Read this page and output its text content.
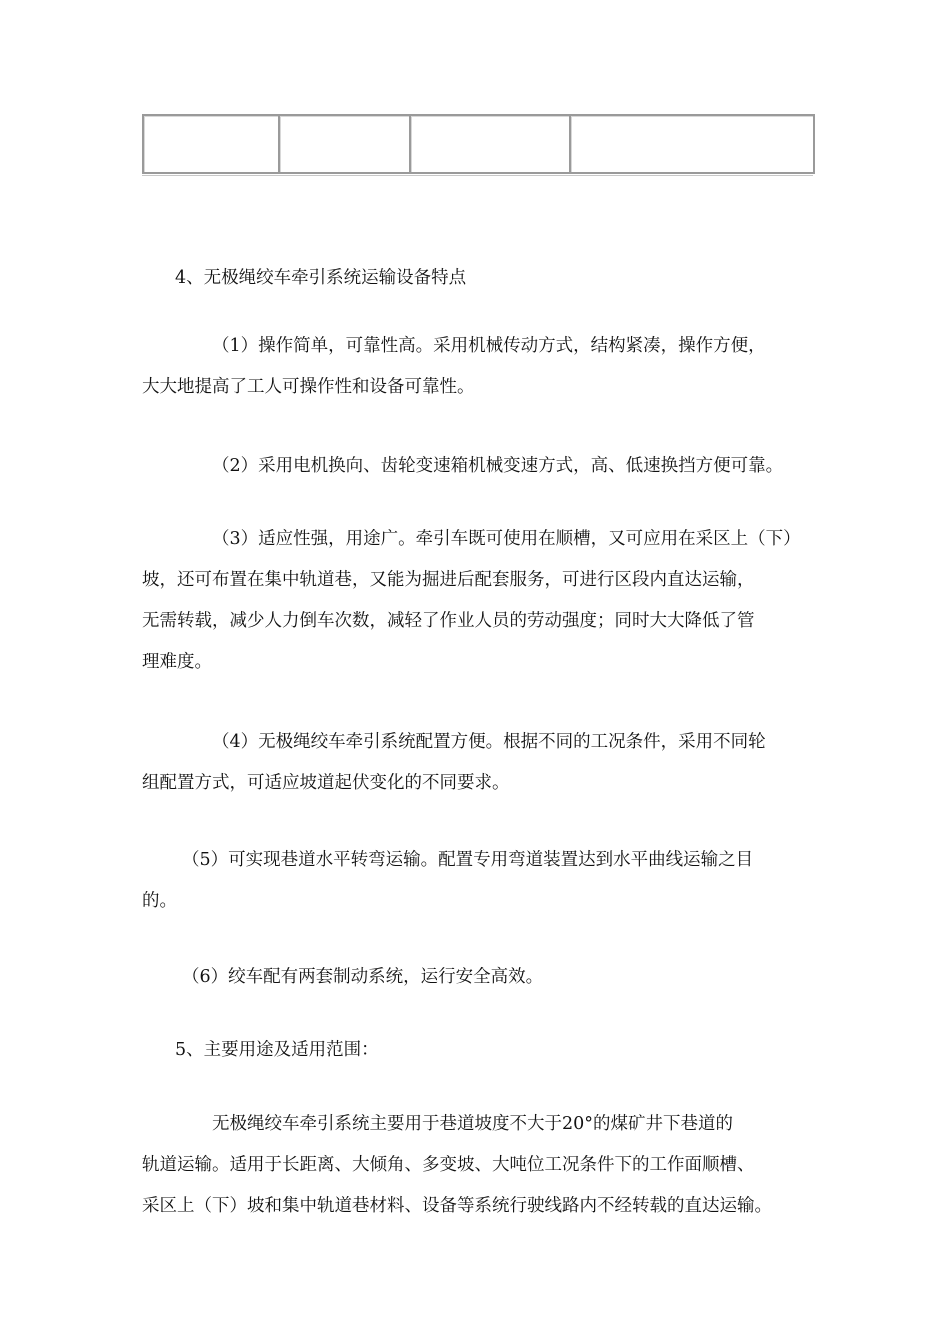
4、无极绳绞车牵引系统运输设备特点

（1）操作简单，可靠性高。采用机械传动方式，结构紧凑，操作方便，
大大地提高了工人可操作性和设备可靠性。
（2）采用电机换向、齿轮变速箱机械变速方式，高、低速换挡方便可靠。
（3）适应性强，用途广。牵引车既可使用在顺槽，又可应用在采区上（下）
坡，还可布置在集中轨道巷，又能为掘进后配套服务，可进行区段内直达运输，
无需转载，减少人力倒车次数，减轻了作业人员的劳动强度；同时大大降低了管
理难度。
（4）无极绳绞车牵引系统配置方便。根据不同的工况条件，采用不同轮
组配置方式，可适应坡道起伏变化的不同要求。
（5）可实现巷道水平转弯运输。配置专用弯道装置达到水平曲线运输之目
的。
（6）绞车配有两套制动系统，运行安全高效。

5、主要用途及适用范围：

无极绳绞车牵引系统主要用于巷道坡度不大于20°的煤矿井下巷道的
轨道运输。适用于长距离、大倾角、多变坡、大吨位工况条件下的工作面顺槽、
采区上（下）坡和集中轨道巷材料、设备等系统行驶线路内不经转载的直达运输。
